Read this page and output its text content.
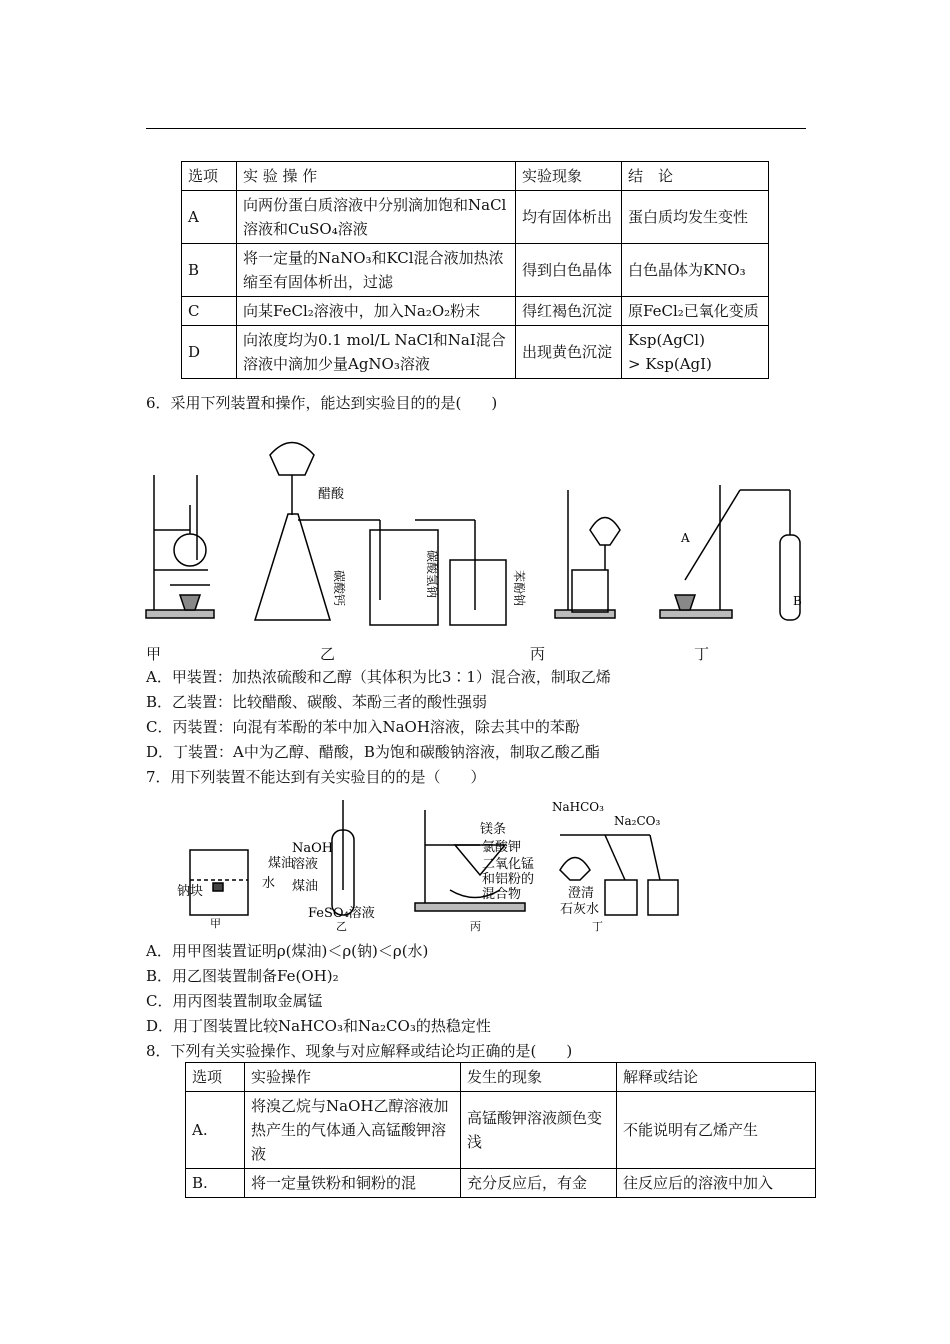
选项	实 验 操 作	实验现象	结　论
A	向两份蛋白质溶液中分别滴加饱和NaCl溶液和CuSO₄溶液	均有固体析出	蛋白质均发生变性
B	将一定量的NaNO₃和KCl混合液加热浓缩至有固体析出，过滤	得到白色晶体	白色晶体为KNO₃
C	向某FeCl₂溶液中，加入Na₂O₂粉末	得红褐色沉淀	原FeCl₂已氧化变质
D	向浓度均为0.1 mol/L NaCl和NaI混合溶液中滴加少量AgNO₃溶液	出现黄色沉淀	Ksp(AgCl)　　　> Ksp(AgI)
6．采用下列装置和操作，能达到实验目的的是(　　)
醋酸
碳酸钙	碳酸氢钠	苯酚钠
A
B
甲	乙	丙	丁
A．甲装置：加热浓硫酸和乙醇（其体积为比3∶1）混合液，制取乙烯
B．乙装置：比较醋酸、碳酸、苯酚三者的酸性强弱
C．丙装置：向混有苯酚的苯中加入NaOH溶液，除去其中的苯酚
D．丁装置：A中为乙醇、醋酸，B为饱和碳酸钠溶液，制取乙酸乙酯
7．用下列装置不能达到有关实验目的的是（　　）
煤油
水
钠块
甲
NaOH
溶液
煤油
FeSO₄溶液
乙
镁条
氯酸钾
二氧化锰
和铝粉的
混合物
丙
NaHCO₃
Na₂CO₃
澄清
石灰水
丁
A．用甲图装置证明ρ(煤油)＜ρ(钠)＜ρ(水)
B．用乙图装置制备Fe(OH)₂
C．用丙图装置制取金属锰
D．用丁图装置比较NaHCO₃和Na₂CO₃的热稳定性
8．下列有关实验操作、现象与对应解释或结论均正确的是(　　)
选项	实验操作	发生的现象	解释或结论
A.	将溴乙烷与NaOH乙醇溶液加热产生的气体通入高锰酸钾溶液	高锰酸钾溶液颜色变浅	不能说明有乙烯产生
B.	将一定量铁粉和铜粉的混	充分反应后，有金	往反应后的溶液中加入
